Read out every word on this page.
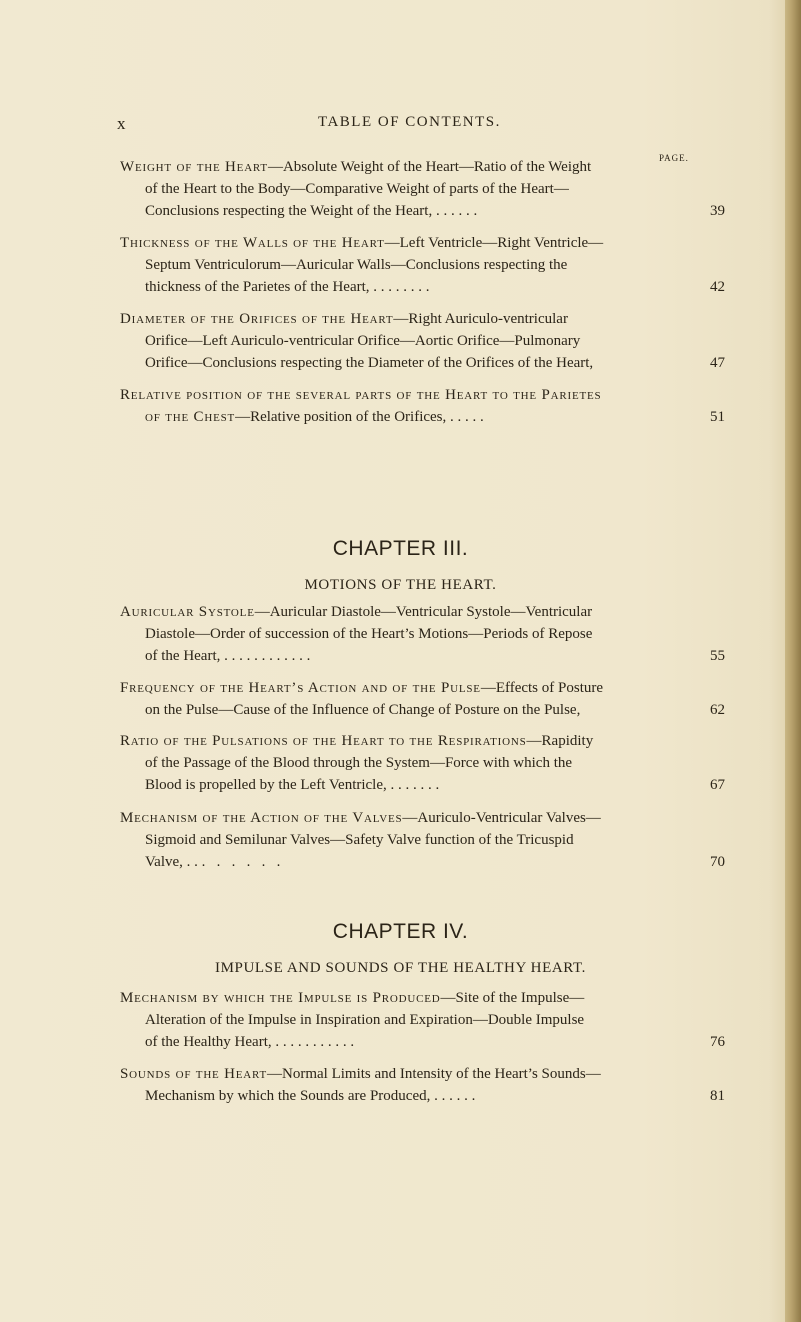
x	TABLE OF CONTENTS.
PAGE.
Weight of the Heart—Absolute Weight of the Heart—Ratio of the Weight
of the Heart to the Body—Comparative Weight of parts of the Heart—
Conclusions respecting the Weight of the Heart, . . . . . .	39
Thickness of the Walls of the Heart—Left Ventricle—Right Ventricle—
Septum Ventriculorum—Auricular Walls—Conclusions respecting the
thickness of the Parietes of the Heart, . . . . . . . .	42
Diameter of the Orifices of the Heart—Right Auriculo-ventricular
Orifice—Left Auriculo-ventricular Orifice—Aortic Orifice—Pulmonary
Orifice—Conclusions respecting the Diameter of the Orifices of the Heart,	47
Relative position of the several parts of the Heart to the Parietes
of the Chest—Relative position of the Orifices, . . . . .	51
CHAPTER III.
MOTIONS OF THE HEART.
Auricular Systole—Auricular Diastole—Ventricular Systole—Ventricular
Diastole—Order of succession of the Heart’s Motions—Periods of Repose
of the Heart, . . . . . . . . . . . .	55
Frequency of the Heart’s Action and of the Pulse—Effects of Posture
on the Pulse—Cause of the Influence of Change of Posture on the Pulse,	62
Ratio of the Pulsations of the Heart to the Respirations—Rapidity
of the Passage of the Blood through the System—Force with which the
Blood is propelled by the Left Ventricle, . . . . . . .	67
Mechanism of the Action of the Valves—Auriculo-Ventricular Valves—
Sigmoid and Semilunar Valves—Safety Valve function of the Tricuspid
Valve, . . .   .   .   .   .   .	70
CHAPTER IV.
IMPULSE AND SOUNDS OF THE HEALTHY HEART.
Mechanism by which the Impulse is Produced—Site of the Impulse—
Alteration of the Impulse in Inspiration and Expiration—Double Impulse
of the Healthy Heart, . . . . . . . . . . .	76
Sounds of the Heart—Normal Limits and Intensity of the Heart’s Sounds—
Mechanism by which the Sounds are Produced, . . . . . .	81
